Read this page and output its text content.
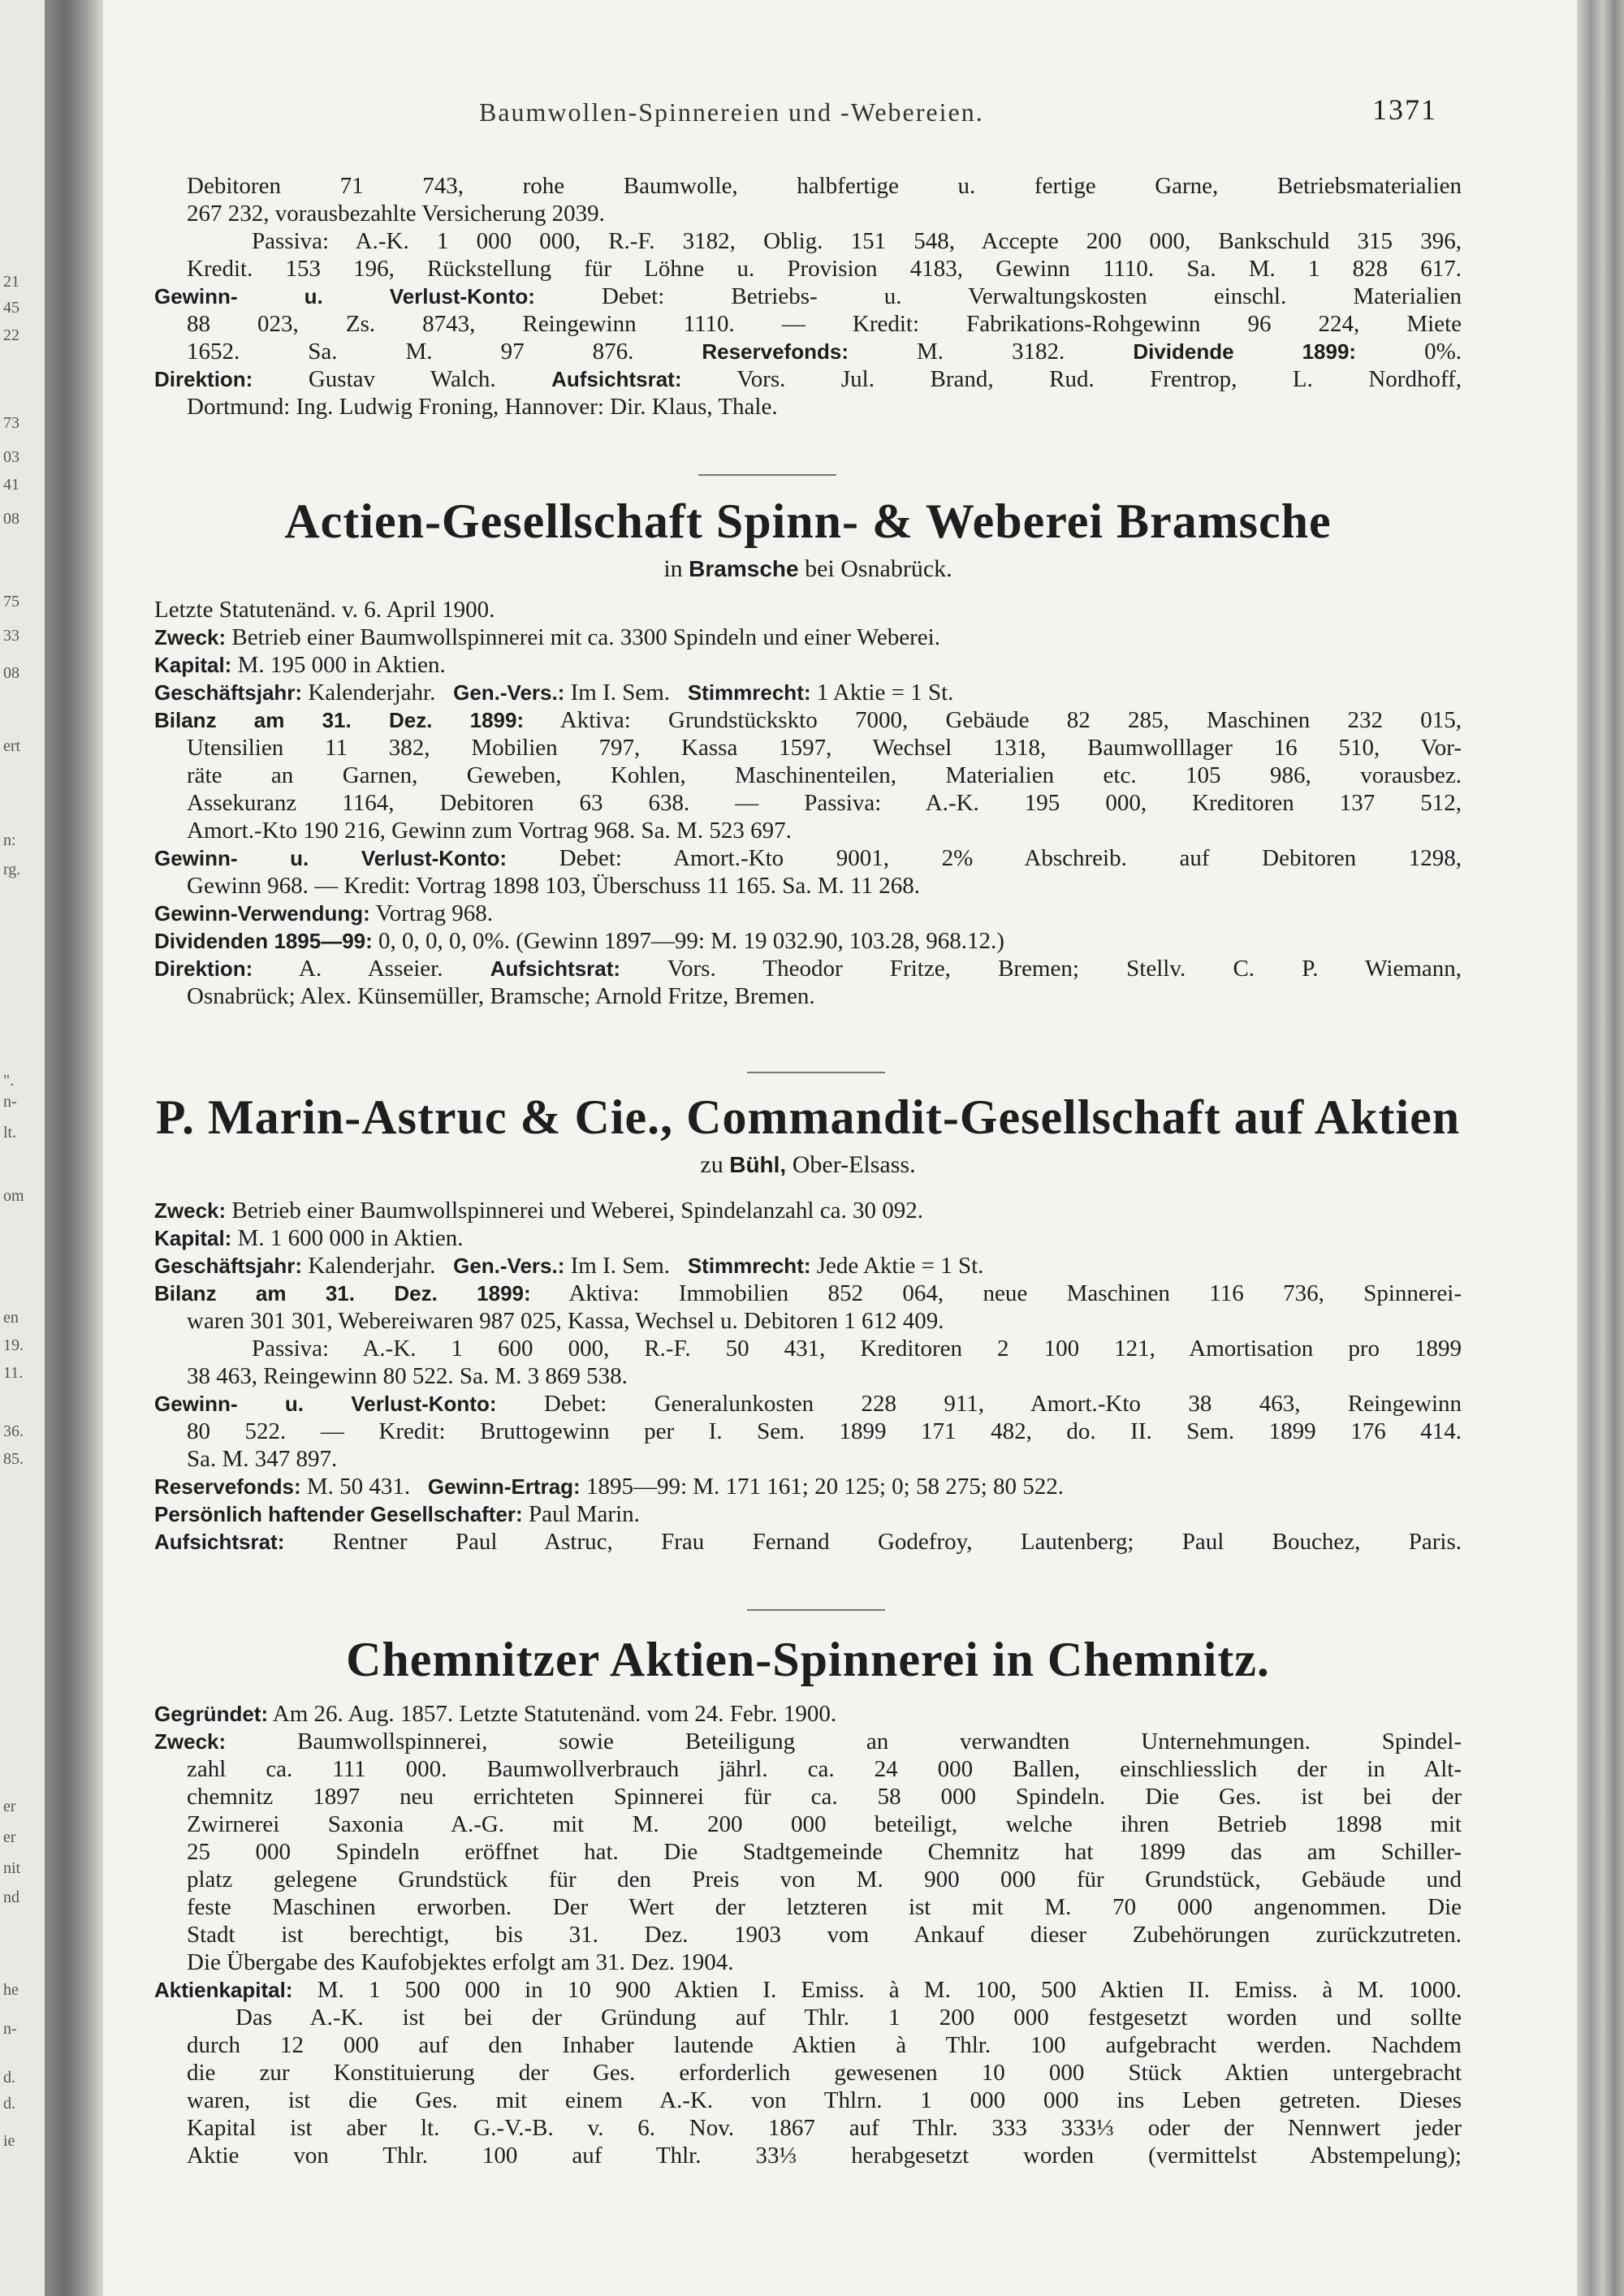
21
45
22
73
03
41
08
75
33
08
ert
n:
rg.
".
n-
lt.
om
en
19.
11.
36.
85.
er
er
nit
nd
he
n-
d.
d.
ie
Baumwollen-Spinnereien und -Webereien.	1371
Debitoren 71 743, rohe Baumwolle, halbfertige u. fertige Garne, Betriebsmaterialien
267 232, vorausbezahlte Versicherung 2039.
Passiva: A.-K. 1 000 000, R.-F. 3182, Oblig. 151 548, Accepte 200 000, Bankschuld 315 396,
Kredit. 153 196, Rückstellung für Löhne u. Provision 4183, Gewinn 1110. Sa. M. 1 828 617.
Gewinn- u. Verlust-Konto:	Debet: Betriebs- u. Verwaltungskosten einschl. Materialien
88 023, Zs. 8743, Reingewinn 1110. — Kredit: Fabrikations-Rohgewinn 96 224, Miete
1652. Sa. M. 97 876.	Reservefonds:	M. 3182.	Dividende 1899:	0%.
Direktion: Gustav Walch.	Aufsichtsrat: Vors. Jul. Brand, Rud. Frentrop, L. Nordhoff,
Dortmund: Ing. Ludwig Froning, Hannover: Dir. Klaus, Thale.
Actien-Gesellschaft Spinn- & Weberei Bramsche
in Bramsche bei Osnabrück.
Letzte Statutenänd. v. 6. April 1900.
Zweck: Betrieb einer Baumwollspinnerei mit ca. 3300 Spindeln und einer Weberei.
Kapital: M. 195 000 in Aktien.
Geschäftsjahr: Kalenderjahr. Gen.-Vers.: Im I. Sem. Stimmrecht: 1 Aktie = 1 St.
Bilanz am 31. Dez. 1899: Aktiva: Grundstückskto 7000, Gebäude 82 285, Maschinen 232 015,
Utensilien 11 382, Mobilien 797, Kassa 1597, Wechsel 1318, Baumwolllager 16 510, Vor-
räte an Garnen, Geweben, Kohlen, Maschinenteilen, Materialien etc. 105 986, vorausbez.
Assekuranz 1164, Debitoren 63 638. — Passiva: A.-K. 195 000, Kreditoren 137 512,
Amort.-Kto 190 216, Gewinn zum Vortrag 968. Sa. M. 523 697.
Gewinn- u. Verlust-Konto: Debet: Amort.-Kto 9001, 2% Abschreib. auf Debitoren 1298,
Gewinn 968. — Kredit: Vortrag 1898 103, Überschuss 11 165. Sa. M. 11 268.
Gewinn-Verwendung: Vortrag 968.
Dividenden 1895—99: 0, 0, 0, 0, 0%. (Gewinn 1897—99: M. 19 032.90, 103.28, 968.12.)
Direktion: A. Asseier. Aufsichtsrat: Vors. Theodor Fritze, Bremen; Stellv. C. P. Wiemann,
Osnabrück; Alex. Künsemüller, Bramsche; Arnold Fritze, Bremen.
P. Marin-Astruc & Cie., Commandit-Gesellschaft auf Aktien
zu Bühl, Ober-Elsass.
Zweck: Betrieb einer Baumwollspinnerei und Weberei, Spindelanzahl ca. 30 092.
Kapital: M. 1 600 000 in Aktien.
Geschäftsjahr: Kalenderjahr. Gen.-Vers.: Im I. Sem. Stimmrecht: Jede Aktie = 1 St.
Bilanz am 31. Dez. 1899: Aktiva: Immobilien 852 064, neue Maschinen 116 736, Spinnerei-
waren 301 301, Webereiwaren 987 025, Kassa, Wechsel u. Debitoren 1 612 409.
Passiva: A.-K. 1 600 000, R.-F. 50 431, Kreditoren 2 100 121, Amortisation pro 1899
38 463, Reingewinn 80 522. Sa. M. 3 869 538.
Gewinn- u. Verlust-Konto: Debet: Generalunkosten 228 911, Amort.-Kto 38 463, Reingewinn
80 522. — Kredit: Bruttogewinn per I. Sem. 1899 171 482, do. II. Sem. 1899 176 414.
Sa. M. 347 897.
Reservefonds: M. 50 431. Gewinn-Ertrag: 1895—99: M. 171 161; 20 125; 0; 58 275; 80 522.
Persönlich haftender Gesellschafter: Paul Marin.
Aufsichtsrat: Rentner Paul Astruc, Frau Fernand Godefroy, Lautenberg; Paul Bouchez, Paris.
Chemnitzer Aktien-Spinnerei in Chemnitz.
Gegründet: Am 26. Aug. 1857. Letzte Statutenänd. vom 24. Febr. 1900.
Zweck:	Baumwollspinnerei, sowie Beteiligung an verwandten Unternehmungen. Spindel-
zahl ca. 111 000. Baumwollverbrauch jährl. ca. 24 000 Ballen, einschliesslich der in Alt-
chemnitz 1897 neu errichteten Spinnerei für ca. 58 000 Spindeln. Die Ges. ist bei der
Zwirnerei Saxonia A.-G. mit M. 200 000 beteiligt, welche ihren Betrieb 1898 mit
25 000 Spindeln eröffnet hat. Die Stadtgemeinde Chemnitz hat 1899 das am Schiller-
platz gelegene Grundstück für den Preis von M. 900 000 für Grundstück, Gebäude und
feste Maschinen erworben. Der Wert der letzteren ist mit M. 70 000 angenommen. Die
Stadt ist berechtigt, bis 31. Dez. 1903 vom Ankauf dieser Zubehörungen zurückzutreten.
Die Übergabe des Kaufobjektes erfolgt am 31. Dez. 1904.
Aktienkapital: M. 1 500 000 in 10 900 Aktien I. Emiss. à M. 100, 500 Aktien II. Emiss. à M. 1000.
Das A.-K. ist bei der Gründung auf Thlr. 1 200 000 festgesetzt worden und sollte
durch 12 000 auf den Inhaber lautende Aktien à Thlr. 100 aufgebracht werden. Nachdem
die zur Konstituierung der Ges. erforderlich gewesenen 10 000 Stück Aktien untergebracht
waren, ist die Ges. mit einem A.-K. von Thlrn. 1 000 000 ins Leben getreten. Dieses
Kapital ist aber lt. G.-V.-B. v. 6. Nov. 1867 auf Thlr. 333 333⅓ oder der Nennwert jeder
Aktie von Thlr. 100 auf Thlr. 33⅓ herabgesetzt worden (vermittelst Abstempelung);
